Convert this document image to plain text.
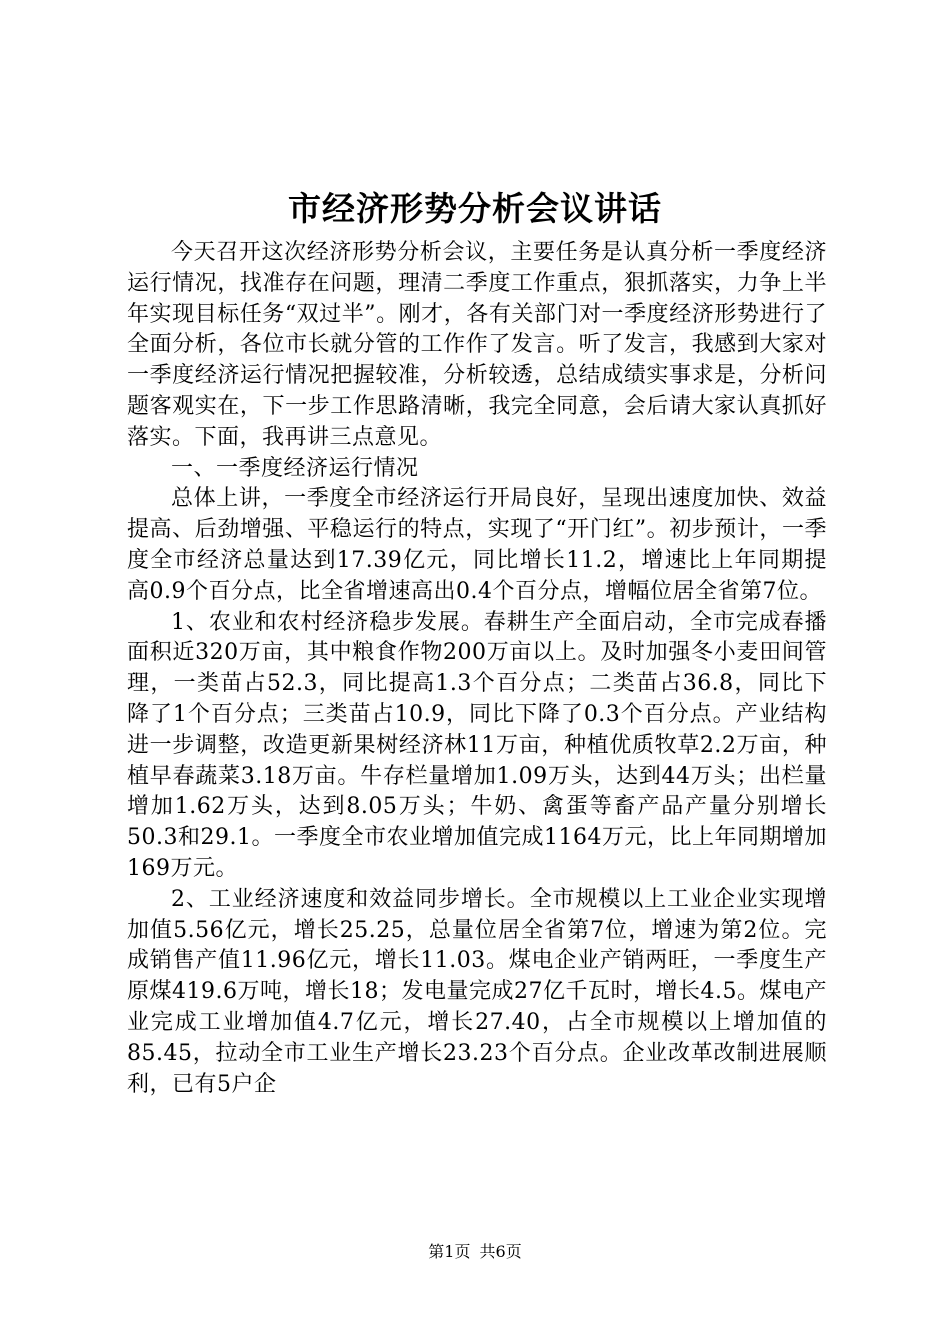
市经济形势分析会议讲话

今天召开这次经济形势分析会议，主要任务是认真分析一季度经济运行情况，找准存在问题，理清二季度工作重点，狠抓落实，力争上半年实现目标任务“双过半”。刚才，各有关部门对一季度经济形势进行了全面分析，各位市长就分管的工作作了发言。听了发言，我感到大家对一季度经济运行情况把握较准，分析较透，总结成绩实事求是，分析问题客观实在，下一步工作思路清晰，我完全同意，会后请大家认真抓好落实。下面，我再讲三点意见。

一、一季度经济运行情况

总体上讲，一季度全市经济运行开局良好，呈现出速度加快、效益提高、后劲增强、平稳运行的特点，实现了“开门红”。初步预计，一季度全市经济总量达到17.39亿元，同比增长11.2，增速比上年同期提高0.9个百分点，比全省增速高出0.4个百分点，增幅位居全省第7位。

1、农业和农村经济稳步发展。春耕生产全面启动，全市完成春播面积近320万亩，其中粮食作物200万亩以上。及时加强冬小麦田间管理，一类苗占52.3，同比提高1.3个百分点；二类苗占36.8，同比下降了1个百分点；三类苗占10.9，同比下降了0.3个百分点。产业结构进一步调整，改造更新果树经济林11万亩，种植优质牧草2.2万亩，种植早春蔬菜3.18万亩。牛存栏量增加1.09万头，达到44万头；出栏量增加1.62万头，达到8.05万头；牛奶、禽蛋等畜产品产量分别增长50.3和29.1。一季度全市农业增加值完成1164万元，比上年同期增加169万元。

2、工业经济速度和效益同步增长。全市规模以上工业企业实现增加值5.56亿元，增长25.25，总量位居全省第7位，增速为第2位。完成销售产值11.96亿元，增长11.03。煤电企业产销两旺，一季度生产原煤419.6万吨，增长18；发电量完成27亿千瓦时，增长4.5。煤电产业完成工业增加值4.7亿元，增长27.40，占全市规模以上增加值的85.45，拉动全市工业生产增长23.23个百分点。企业改革改制进展顺利，已有5户企

第1页 共6页
